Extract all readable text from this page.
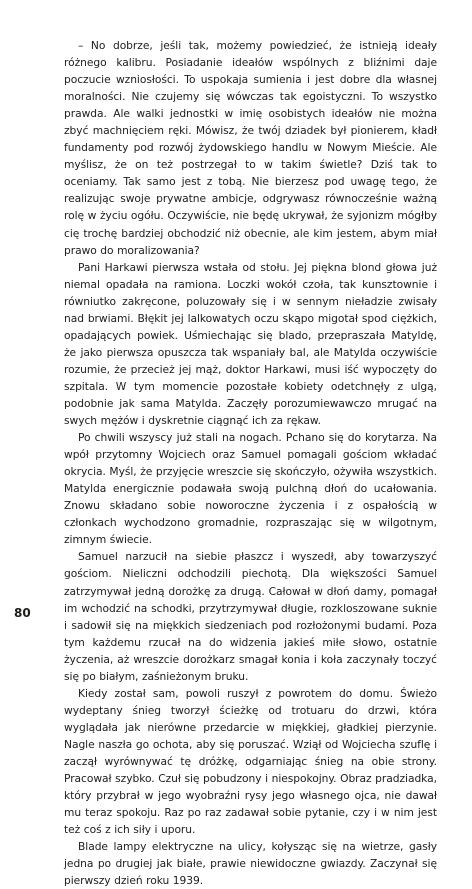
– No dobrze, jeśli tak, możemy powiedzieć, że istnieją ideały różnego kalibru. Posiadanie ideałów wspólnych z bliźnimi daje poczucie wzniosłości. To uspokaja sumienia i jest dobre dla własnej moralności. Nie czujemy się wówczas tak egoistyczni. To wszystko prawda. Ale walki jednostki w imię osobistych ideałów nie można zbyć machnięciem ręki. Mówisz, że twój dziadek był pionierem, kładł fundamenty pod rozwój żydowskiego handlu w Nowym Mieście. Ale myślisz, że on też postrzegał to w takim świetle? Dziś tak to oceniamy. Tak samo jest z tobą. Nie bierzesz pod uwagę tego, że realizując swoje prywatne ambicje, odgrywasz równocześnie ważną rolę w życiu ogółu. Oczywiście, nie będę ukrywał, że syjonizm mógłby cię trochę bardziej obchodzić niż obecnie, ale kim jestem, abym miał prawo do moralizowania?

Pani Harkawi pierwsza wstała od stołu. Jej piękna blond głowa już niemal opadała na ramiona. Loczki wokół czoła, tak kunsztownie i równiutko zakręcone, poluzowały się i w sennym nieładzie zwisały nad brwiami. Błękit jej lalkowatych oczu skąpo migotał spod ciężkich, opadających powiek. Uśmiechając się blado, przepraszała Matyldę, że jako pierwsza opuszcza tak wspaniały bal, ale Matylda oczywiście rozumie, że przecież jej mąż, doktor Harkawi, musi iść wypoczęty do szpitala. W tym momencie pozostałe kobiety odetchnęły z ulgą, podobnie jak sama Matylda. Zaczęły porozumiewawczo mrugać na swych mężów i dyskretnie ciągnąć ich za rękaw.

Po chwili wszyscy już stali na nogach. Pchano się do korytarza. Na wpół przytomny Wojciech oraz Samuel pomagali gościom wkładać okrycia. Myśl, że przyjęcie wreszcie się skończyło, ożywiła wszystkich. Matylda energicznie podawała swoją pulchną dłoń do ucałowania. Znowu składano sobie noworoczne życzenia i z ospałością w członkach wychodzono gromadnie, rozpraszając się w wilgotnym, zimnym świecie.

Samuel narzucił na siebie płaszcz i wyszedł, aby towarzyszyć gościom. Nieliczni odchodzili piechotą. Dla większości Samuel zatrzymywał jedną dorożkę za drugą. Całował w dłoń damy, pomagał im wchodzić na schodki, przytrzymywał długie, rozkloszowane suknie i sadowił się na miękkich siedzeniach pod rozłożonymi budami. Poza tym każdemu rzucał na do widzenia jakieś miłe słowo, ostatnie życzenia, aż wreszcie dorożkarz smagał konia i koła zaczynały toczyć się po białym, zaśnieżonym bruku.

Kiedy został sam, powoli ruszył z powrotem do domu. Świeżo wydeptany śnieg tworzył ścieżkę od trotuaru do drzwi, która wyglądała jak nierówne przedarcie w miękkiej, gładkiej pierzynie. Nagle naszła go ochota, aby się poruszać. Wziął od Wojciecha szuflę i zaczął wyrównywać tę dróżkę, odgarniając śnieg na obie strony. Pracował szybko. Czuł się pobudzony i niespokojny. Obraz pradziadka, który przybrał w jego wyobraźni rysy jego własnego ojca, nie dawał mu teraz spokoju. Raz po raz zadawał sobie pytanie, czy i w nim jest też coś z ich siły i uporu.

Blade lampy elektryczne na ulicy, kołysząc się na wietrze, gasły jedna po drugiej jak białe, prawie niewidoczne gwiazdy. Zaczynał się pierwszy dzień roku 1939.

80
